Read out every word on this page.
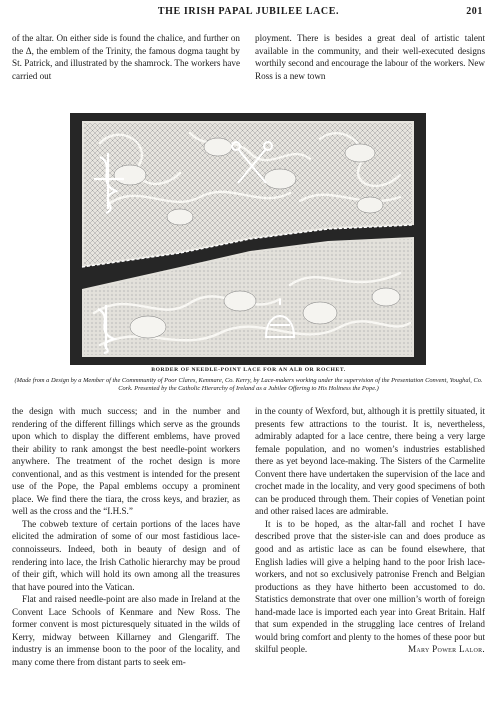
THE IRISH PAPAL JUBILEE LACE.	201

of the altar. On either side is found the chalice, and further on the Δ, the emblem of the Trinity, the famous dogma taught by St. Patrick, and illustrated by the shamrock. The workers have carried out

ployment. There is besides a great deal of artistic talent available in the community, and their well-executed designs worthily second and encourage the labour of the workers. New Ross is a new town

BORDER OF NEEDLE-POINT LACE FOR AN ALB OR ROCHET.
(Made from a Design by a Member of the Commmunity of Poor Clares, Kenmare, Co. Kerry, by Lace-makers working under the supervision of the Presentation Convent, Youghal, Co. Cork. Presented by the Catholic Hierarchy of Ireland as a Jubilee Offering to His Holiness the Pope.)

the design with much success; and in the number and rendering of the different fillings which serve as the grounds upon which to display the different emblems, have proved their ability to rank amongst the best needle-point workers anywhere. The treatment of the rochet design is more conventional, and as this vestment is intended for the present use of the Pope, the Papal emblems occupy a prominent place. We find there the tiara, the cross keys, and brazier, as well as the cross and the “I.H.S.”

The cobweb texture of certain portions of the laces have elicited the admiration of some of our most fastidious lace-connoisseurs. Indeed, both in beauty of design and of rendering into lace, the Irish Catholic hierarchy may be proud of their gift, which will hold its own among all the treasures that have poured into the Vatican.

Flat and raised needle-point are also made in Ireland at the Convent Lace Schools of Kenmare and New Ross. The former convent is most picturesquely situated in the wilds of Kerry, midway between Killarney and Glengariff. The industry is an immense boon to the poor of the locality, and many come there from distant parts to seek em-

in the county of Wexford, but, although it is prettily situated, it presents few attractions to the tourist. It is, nevertheless, admirably adapted for a lace centre, there being a very large female population, and no women’s industries established there as yet beyond lace-making. The Sisters of the Carmelite Convent there have undertaken the supervision of the lace and crochet made in the locality, and very good specimens of both can be produced through them. Their copies of Venetian point and other raised laces are admirable.

It is to be hoped, as the altar-fall and rochet I have described prove that the sister-isle can and does produce as good and as artistic lace as can be found elsewhere, that English ladies will give a helping hand to the poor Irish lace-workers, and not so exclusively patronise French and Belgian productions as they have hitherto been accustomed to do. Statistics demonstrate that over one million’s worth of foreign hand-made lace is imported each year into Great Britain. Half that sum expended in the struggling lace centres of Ireland would bring comfort and plenty to the homes of these poor but skilful people.	Mary Power Lalor.
